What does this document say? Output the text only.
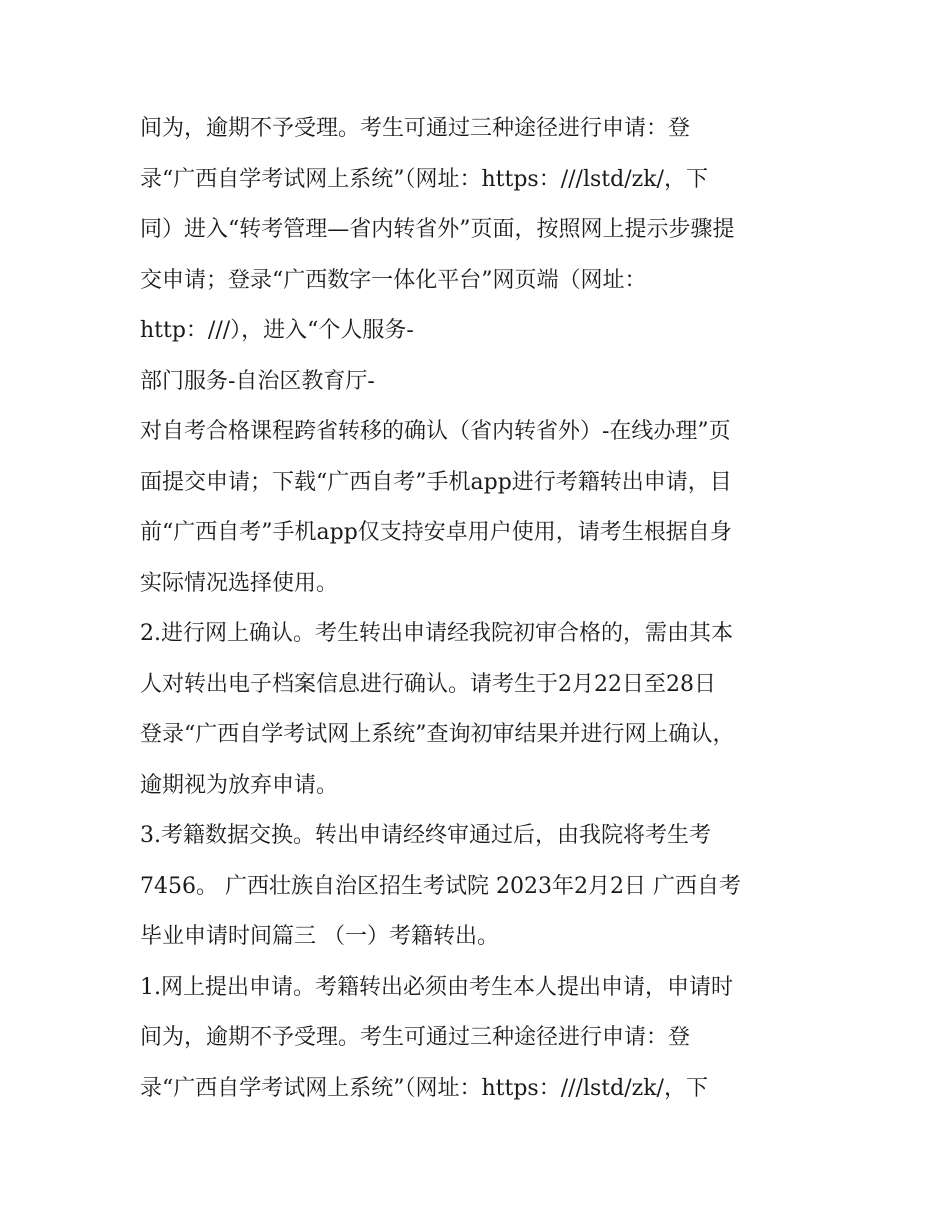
间为，逾期不予受理。考生可通过三种途径进行申请：登
录“广西自学考试网上系统”（网址：https：///lstd/zk/，下
同）进入“转考管理—省内转省外”页面，按照网上提示步骤提
交申请；登录“广西数字一体化平台”网页端（网址：
http：///），进入“个人服务-
部门服务-自治区教育厅-
对自考合格课程跨省转移的确认（省内转省外）-在线办理”页
面提交申请；下载“广西自考”手机app进行考籍转出申请，目
前“广西自考”手机app仅支持安卓用户使用，请考生根据自身
实际情况选择使用。
2.进行网上确认。考生转出申请经我院初审合格的，需由其本
人对转出电子档案信息进行确认。请考生于2月22日至28日
登录“广西自学考试网上系统”查询初审结果并进行网上确认，
逾期视为放弃申请。
3.考籍数据交换。转出申请经终审通过后，由我院将考生考
7456。 广西壮族自治区招生考试院 2023年2月2日 广西自考
毕业申请时间篇三 （一）考籍转出。
1.网上提出申请。考籍转出必须由考生本人提出申请，申请时
间为，逾期不予受理。考生可通过三种途径进行申请：登
录“广西自学考试网上系统”（网址：https：///lstd/zk/，下
